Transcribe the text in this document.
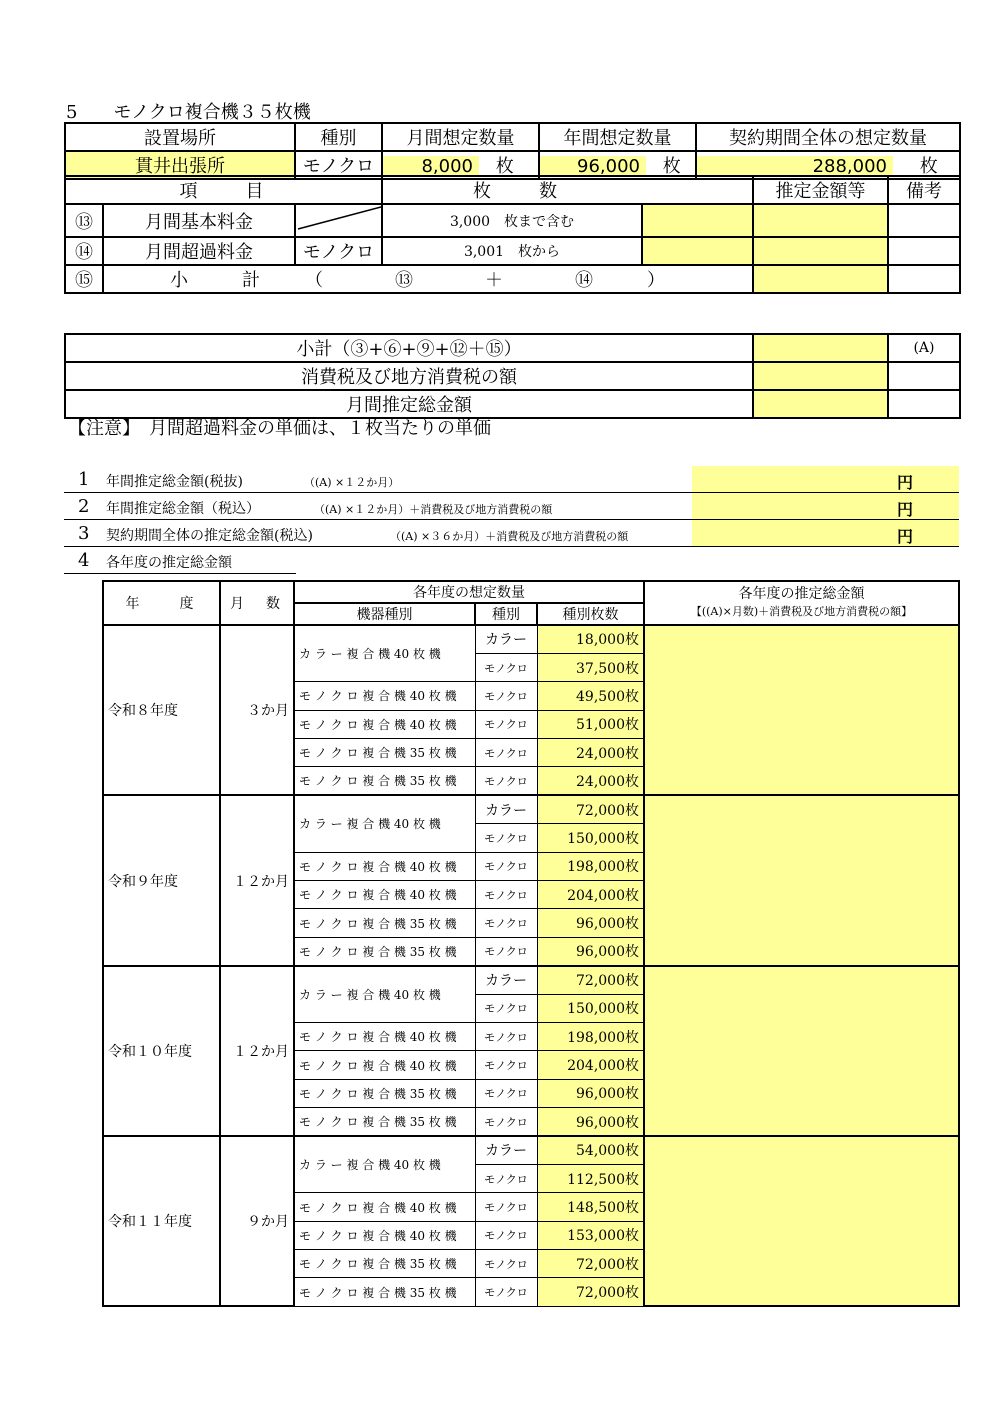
5　　モノクロ複合機３５枚機
設置場所	種別	月間想定数量	年間想定数量	契約期間全体の想定数量
貫井出張所	モノクロ	8,000 枚	96,000 枚	288,000 枚
項　　目			枚　　数		推定金額等	備考
⑬	月間基本料金		3,000　枚まで含む			
⑭	月間超過料金	モノクロ	3,001　枚から			
⑮	小　　　計　　　（　　　　⑬　　　　＋　　　　⑭　　　）					
小計（③+⑥+⑨+⑫＋⑮）		(A)
消費税及び地方消費税の額		
月間推定総金額		
【注意】　月間超過料金の単価は、１枚当たりの単価
1 年間推定総金額(税抜)	（(A) ×１２か月）	円
2 年間推定総金額（税込）	（(A) ×１２か月）＋消費税及び地方消費税の額	円
3 契約期間全体の推定総金額(税込)	（(A) ×３６か月）＋消費税及び地方消費税の額	円
4 各年度の推定総金額
年　　度	月　数	各年度の想定数量			各年度の推定総金額
【((A)×月数)＋消費税及び地方消費税の額】

		機器種別	種別	種別枚数	
令和８年度	３か月	カ ラ ー 複 合 機 40 枚 機	カラー	18,000枚	
			モノクロ	37,500枚	
		モ ノ ク ロ 複 合 機 40 枚 機	モノクロ	49,500枚	
		モ ノ ク ロ 複 合 機 40 枚 機	モノクロ	51,000枚	
		モ ノ ク ロ 複 合 機 35 枚 機	モノクロ	24,000枚	
		モ ノ ク ロ 複 合 機 35 枚 機	モノクロ	24,000枚	
令和９年度	１２か月	カ ラ ー 複 合 機 40 枚 機	カラー	72,000枚	
			モノクロ	150,000枚	
		モ ノ ク ロ 複 合 機 40 枚 機	モノクロ	198,000枚	
		モ ノ ク ロ 複 合 機 40 枚 機	モノクロ	204,000枚	
		モ ノ ク ロ 複 合 機 35 枚 機	モノクロ	96,000枚	
		モ ノ ク ロ 複 合 機 35 枚 機	モノクロ	96,000枚	
令和１０年度	１２か月	カ ラ ー 複 合 機 40 枚 機	カラー	72,000枚	
			モノクロ	150,000枚	
		モ ノ ク ロ 複 合 機 40 枚 機	モノクロ	198,000枚	
		モ ノ ク ロ 複 合 機 40 枚 機	モノクロ	204,000枚	
		モ ノ ク ロ 複 合 機 35 枚 機	モノクロ	96,000枚	
		モ ノ ク ロ 複 合 機 35 枚 機	モノクロ	96,000枚	
令和１１年度	９か月	カ ラ ー 複 合 機 40 枚 機	カラー	54,000枚	
			モノクロ	112,500枚	
		モ ノ ク ロ 複 合 機 40 枚 機	モノクロ	148,500枚	
		モ ノ ク ロ 複 合 機 40 枚 機	モノクロ	153,000枚	
		モ ノ ク ロ 複 合 機 35 枚 機	モノクロ	72,000枚	
		モ ノ ク ロ 複 合 機 35 枚 機	モノクロ	72,000枚	
